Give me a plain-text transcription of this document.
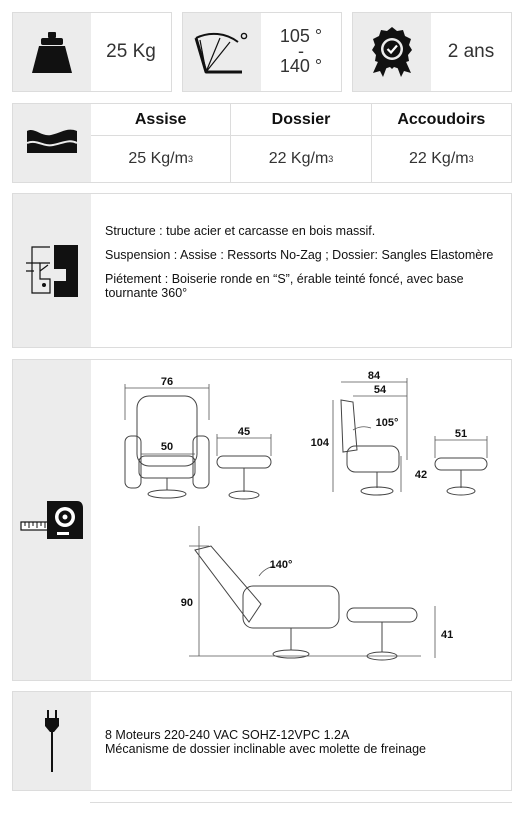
25 Kg
105 °
-
140 °
2 ans
Assise	Dossier	Accoudoirs
25 Kg/m 3	22 Kg/m 3	22 Kg/m 3

Structure : tube acier et carcasse en bois massif.

Suspension : Assise : Ressorts No-Zag ; Dossier: Sangles Elastomère

Piétement : Boiserie ronde en “S”, érable teinté foncé, avec base tournante 360°

76
50
45
84
54
105°
104
51
42
140°
90
41
8 Moteurs 220-240 VAC SOHZ-12VPC 1.2A
Mécanisme de dossier inclinable avec molette de freinage
